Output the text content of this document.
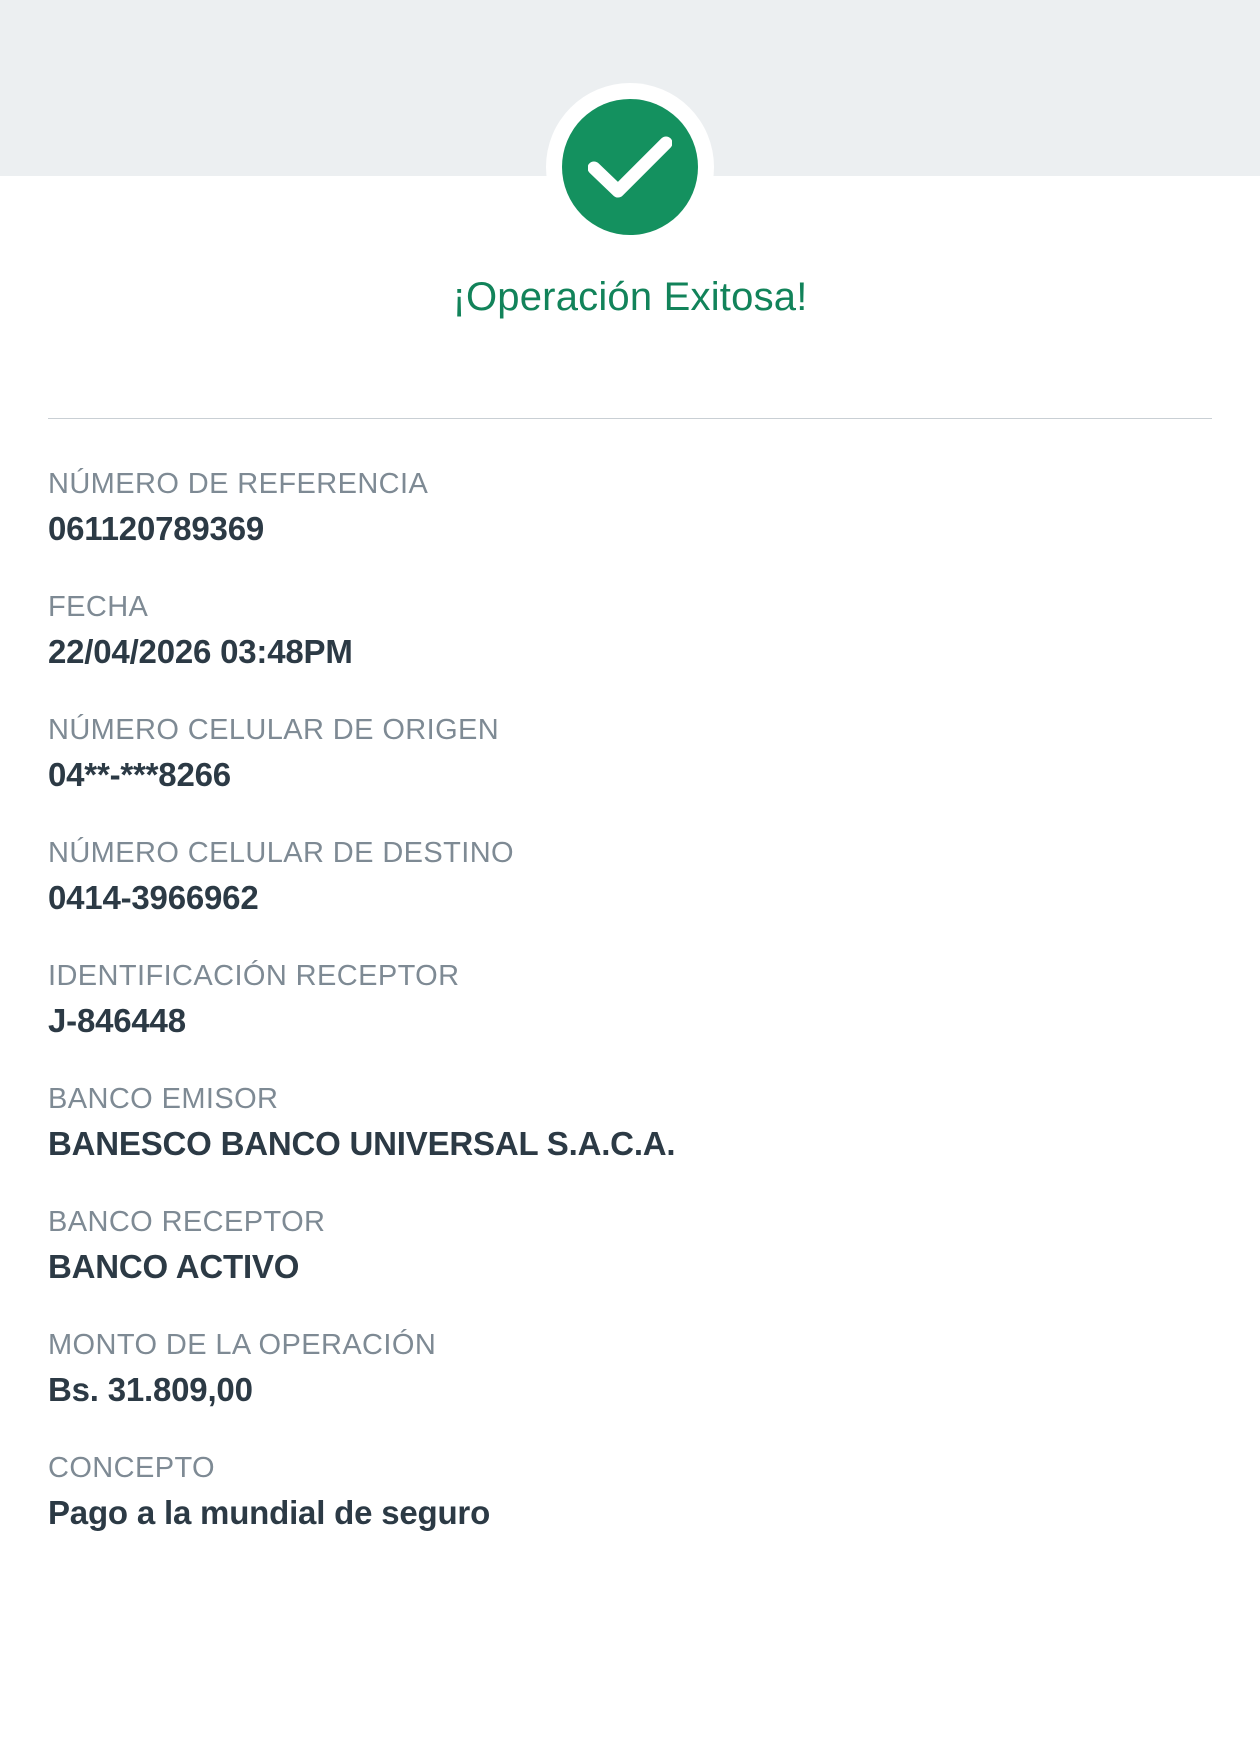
¡Operación Exitosa!
NÚMERO DE REFERENCIA
061120789369
FECHA
22/04/2026 03:48PM
NÚMERO CELULAR DE ORIGEN
04**-***8266
NÚMERO CELULAR DE DESTINO
0414-3966962
IDENTIFICACIÓN RECEPTOR
J-846448
BANCO EMISOR
BANESCO BANCO UNIVERSAL S.A.C.A.
BANCO RECEPTOR
BANCO ACTIVO
MONTO DE LA OPERACIÓN
Bs. 31.809,00
CONCEPTO
Pago a la mundial de seguro
